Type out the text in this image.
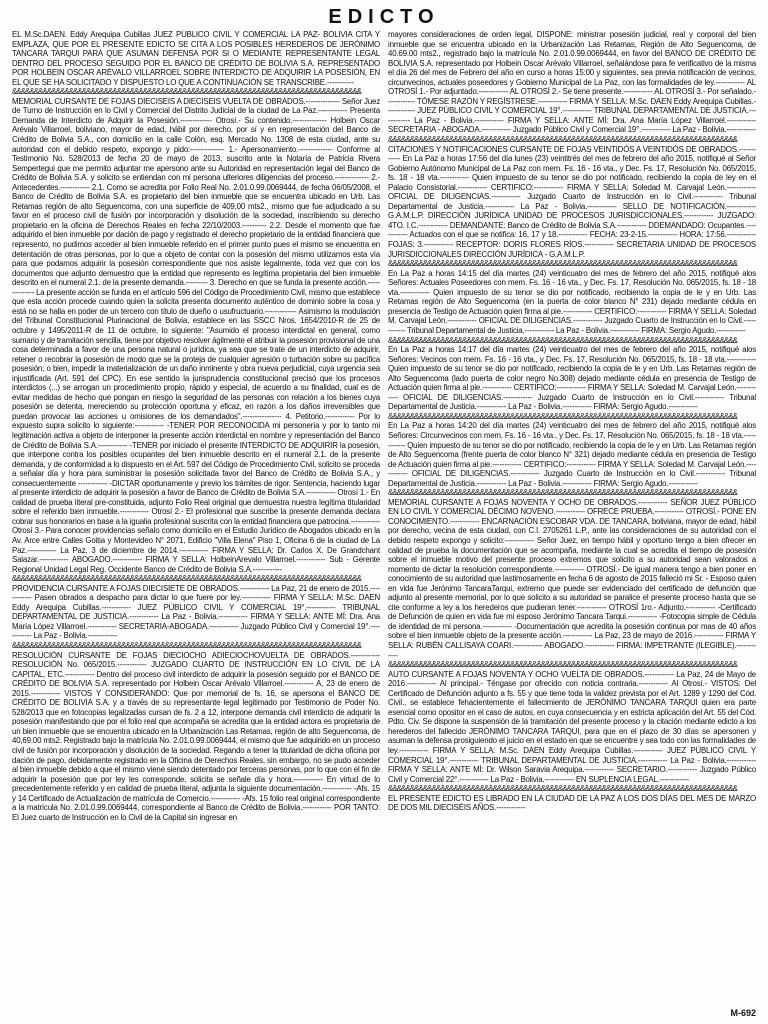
EDICTO

EL M.Sc.DAEN. Eddy Arequipa Cubillas JUEZ PÚBLICO CIVIL Y COMERCIAL LA PAZ- BOLIVIA CITA Y EMPLAZA, QUE POR EL PRESENTE EDICTO SE CITA A LOS POSIBLES HEREDEROS DE JERÓNIMO TANCARA TARQUI PARA QUE ASUMAN DEFENSA POR SI O MEDIANTE REPRESENTANTE LEGAL DENTRO DEL PROCESO SEGUIDO POR EL BANCO DE CRÉDITO DE BOLIVIA S.A. REPRESENTADO POR HOLBEIN OSCAR ARÉVALO VILLARROEL SOBRE INTERDICTO DE ADQUIRIR LA POSESIÓN, EN EL QUE SE HA SOLICITADO Y DISPUESTO LO QUE A CONTINUACIÓN SE TRANSCRIBE.-----------

&&&&&&&&&&&&&&&&&&&&&&&&&&&&&&&&&&&&&&&&&&&&&&&&&&&&&&&&&&&&&&&&&&&&&&&&&&&&&&&&

MEMORIAL CURSANTE DE FOJAS DIECISEIS A DIECISEIS VUELTA DE OBRADOS.-------------- Señor Juez de Turno de Instrucción en lo Civil y Comercial del Distrito Judicial de la ciudad de La Paz.------------ Presenta Demanda de Interdicto de Adquirir la Posesión.------------- Otrosí.- Su contenido.-------------- Holbein Oscar Arévalo Villarroel, boliviano, mayor de edad, hábil por derecho, por sí y en representación del Banco de Crédito de Bolivia S.A., con domicilio en la calle Colón, esq. Mercado No. 1308 de esta ciudad, ante su autoridad con el debido respeto, expongo y pido:-------------- 1.- Apersonamiento.-------------- Conforme al Testimonio No. 528/2013 de fecha 20 de mayo de 2013, suscrito ante la Notaría de Patricia Rivera Sempertegui que me permito adjuntar me apersono ante su Autoridad en representación legal del Banco de Crédito de Bolivia S.A. y solicito se entiendan con mi persona ulteriores diligencias del proceso.-------------- 2.- Antecedentes.------------ 2.1. Como se acredita por Folio Real No. 2.01.0.99.0069444, de fecha 06/05/2008, el Banco de Crédito de Bolivia S.A. es propietario del bien inmueble que se encuentra ubicado en Urb. Las Retamas región de alto Seguencoma, con una superficie de 409,00 mts2., mismo que fue adjudicado a su favor en el proceso civil de fusión por incorporación y disolución de la sociedad, inscribiendo su derecho propietario en la oficina de Derechos Reales en fecha 22/10/2003.---------- 2.2. Desde el momento que fue adquirido el bien inmueble por dación de pago y registrado el derecho propietario de la entidad financiera que represento, no pudimos acceder al bien inmueble referido en el primer punto pues el mismo se encuentra en detentación de otras personas, por lo que a objeto de contar con la posesión del mismo utilizamos esta vía para que podamos adquirir la posesión correspondiente que nos asiste legalmente, toda vez que con los documentos que adjunto demuestro que la entidad que represento es legítima propietaria del bien inmueble descrito en el numeral 2.1. de la presente demanda.--------- 3. Derecho en que se funda la presente acción.-------------- La presente acción se funda en el artículo 596 del Código de Procedimiento Civil, mismo que establece que esta acción procede cuando quien la solicita presenta documento auténtico de dominio sobre la cosa y está no se halla en poder de un tercero con título de dueño o usufructuario.------------- Asimismo la modulación del Tribunal Constitucional Plurinacional de Bolivia, establece en las SSCC Nros. 1654/2010-R de 25 de octubre y 1495/2011-R de 11 de octubre, lo siguiente: "Asumido el proceso interdictal en general, como sumario y de tramitación sencilla, tiene por objetivo resolver ágilmente el atribuir la posesión provisional de una cosa determinada a favor de una persona natural o jurídica, ya sea que se trate de un interdicto de adquirir, retener o recobrar la posesión de modo que se la proteja de cualquier agresión o turbación sobre su pacífica posesión; o bien, impedir la materialización de un daño inminente y obra nueva perjudicial, cuya urgencia sea injustificada (Art. 591 del CPC). En ese sentido la jurisprudencia constitucional precisó que los procesos interdictos (...) se arrogan un procedimiento propio, rápido y especial, de acuerdo a su finalidad, cual es de evitar medidas de hecho que pongan en riesgo la seguridad de las personas con relación a los bienes cuya posesión se detenta, mereciendo su protección oportuna y eficaz, en razón a los daños irreversibles que puedan provocar las acciones u omisiones de los demandados".---------------- 4. Petitorio.------------ Por lo expuesto supra solicito lo siguiente:------------ -TENER POR RECONOCIDA mi personería y por lo tanto mi legitimación activa a objeto de interponer la presente acción interdictal en nombre y representación del Banco de Crédito de Bolivia S.A.------------ -TENER por iniciado el presente INTERDICTO DE ADQUIRIR la posesión, que interpone contra los posibles ocupantes del bien inmueble descrito en el numeral 2.1. de la presente demanda, y de conformidad a lo dispuesto en el Art. 597 del Código de Procedimiento Civil, solicito se proceda a señalar día y hora para suministrar la posesión solicitada favor del Banco de Crédito de Bolivia S.A., y consecuentemente ------------ -DICTAR oportunamente y previo los trámites de rigor. Sentencia, haciendo lugar al presente interdicto de adquirir la posesión a favor de Banco de Crédito de Bolivia S.A.------------ Otrosí 1.- En calidad de prueba literal pre-constituida, adjunto Folio Real original que demuestra nuestra legítima titularidad sobre el referido bien inmueble.------------ Otrosí 2.- El profesional que suscribe la presente demanda declara cobrar sus honorarios en base a la igualia profesional suscrita con la entidad financiera que patrocina.------------ Otrosí 3.- Para conocer providencias señalo como domicilio en el Estudio Jurídico de Abogados ubicado en la Av. Arce entre Calles Goitia y Montevideo N° 2071, Edificio "Villa Elena" Piso 1, Oficina 6 de la ciudad de La Paz.------------ La Paz, 3 de diciembre de 2014.------------ FIRMA Y SELLA: Dr. Carlos X. De Grandchant Salazar.------------ ABOGADO.------------ FIRMA Y SELLA: HolbeinArevalo Villarroel.------------ Sub - Gerente Regional Unidad Legal Reg. Occidente Banco de Crédito de Bolivia S.A.------------

&&&&&&&&&&&&&&&&&&&&&&&&&&&&&&&&&&&&&&&&&&&&&&&&&&&&&&&&&&&&&&&&&&&&&&&&&&&&&&&&

PROVIDENCIA CURSANTE A FOJAS DIECISIETE DE OBRADOS.------------ La Paz, 21 de enero de 2015.------------ Pasen obrados a despacho para dictar lo que fuere por ley.------------ FIRMA Y SELLA: M.Sc. DAEN Eddy Arequipa Cubillas.------------ JUEZ PÚBLICO CIVIL Y COMERCIAL 19°.------------ TRIBUNAL DEPARTAMENTAL DE JUSTICIA.------------ La Paz - Bolivia.------------ FIRMA Y SELLA: ANTE MÍ: Dra. Ana María López Villarroel.------------ SECRETARIA-ABOGADA.------------ Juzgado Público Civil y Comercial 19°.------------ La Paz - Bolivia.------------

&&&&&&&&&&&&&&&&&&&&&&&&&&&&&&&&&&&&&&&&&&&&&&&&&&&&&&&&&&&&&&&&&&&&&&&&&&&&&&&&

RESOLUCIÓN CURSANTE DE FOJAS DIECIOCHO ADIECIOCHOVUELTA DE OBRADOS.------------ RESOLUCIÓN No. 065/2015.------------ JUZGADO CUARTO DE INSTRUCCIÓN EN LO CIVIL DE LA CAPITAL, ETC.------------ Dentro del proceso civil interdicto de adquirir la posesión seguido por el BANCO DE CRÉDITO DE BOLIVIA S.A. representado por Holbein Oscar Arévalo Villarroel.------------ A, 23 de enero de 2015.------------ VISTOS Y CONSIDERANDO: Que por memorial de fs. 16, se apersona el BANCO DE CRÉDITO DE BOLIVIA S.A. y a través de su representante legal legitimado por Testimonio de Poder No. 528/2013 que en fotocopias legalizadas cursan de fs. 2 a 12, interpone demanda civil interdicto de adquirir la posesión manifestando que por el folio real que acompaña se acredita que la entidad actora es propietaria de un bien inmueble que se encuentra ubicado en la Urbanización Las Retamas, región de alto Seguencoma, de 40,69.00 mts2. Registrado bajo la matrícula No. 2.01.0.99.0069444, el mismo que fue adquirido en un proceso civil de fusión por incorporación y disolución de la sociedad. Regando a tener la titularidad de dicha oficina por dación de pago, debidamente registrado en la Oficina de Derechos Reales, sin embargo, no se pudo acceder al bien inmueble debido a que el mismo viene siendo detentado por terceras personas, por lo que con el fin de adquirir la posesión que por ley les corresponde, solicita se señale día y hora.------------ En virtud de lo precedentemente referido y en calidad de prueba literal, adjunta la siguiente documentación.------------ -Afs. 15 y 14 Certificado de Actualización de matrícula de Comercio.------------ -Afs. 15 folio real original correspondiente a la matrícula No. 2.01.0.99.0069444, correspondiente al Banco de Crédito de Bolivia.------------ POR TANTO: El Juez cuarto de Instrucción en lo Civil de la Capital sin ingresar en

mayores consideraciones de orden legal, DISPONE: ministrar posesión judicial, real y corporal del bien inmueble que se encuentra ubicado en la Urbanización Las Retamas, Región de Alto Seguencoma, de 40.69.00 mts2., registrado bajo la matrícula No. 2.01.0.99.0069444, en favor del BANCO DE CRÉDITO DE BOLIVIA S.A. representado por Holbein Oscar Arévalo Villarroel, señalándose para fe verificativo de la misma el día 26 del mes de Febrero del año en curso a horas 15:00 y siguientes, sea previa notificación de vecinos, circunvecinos, actuales poseedores y Gobierno Municipal de La Paz, con las formalidades de ley.------------ AL OTROSÍ 1.- Por adjuntado.------------ AL OTROSÍ 2.- Se tiene presente.------------ AL OTROSÍ 3.- Por señalado.------------ TÓMESE RAZÓN Y REGÍSTRESE.------------ FIRMA Y SELLA: M.Sc. DAEN Eddy Arequipa Cubillas.------------ JUEZ PÚBLICO CIVIL Y COMERCIAL 19°.------------ TRIBUNAL DEPARTAMENTAL DE JUSTICIA.------------ La Paz - Bolivia.------------ FIRMA Y SELLA: ANTE MÍ: Dra. Ana María López Villarroel.------------ SECRETARIA - ABOGADA.------------ Juzgado Público Civil y Comercial 19°.------------ La Paz - Bolivia.------------

&&&&&&&&&&&&&&&&&&&&&&&&&&&&&&&&&&&&&&&&&&&&&&&&&&&&&&&&&&&&&&&&&&&&&&&&&&&&&&&&

CITACIONES Y NOTIFICACIONES CURSANTE DE FOJAS VEINTIDÓS A VEINTIDÓS DE OBRADOS.------------ En La Paz a horas 17:56 del día lunes (23) veintitrés del mes de febrero del año 2015, notifiqué al Señor Gobierno Autónomo Municipal de La Paz con mem. Fs. 16 - 16 vta., y Dec. Fs. 17, Resolución No. 065/2015, fs. 18 - 18 vta.------------ Quien impuesto de su tenor se dio por notificado, recibiendo la copia de ley en el Palacio Consistorial.------------ CERTIFICO:------------ FIRMA Y SELLA: Soledad M. Carvajal León.------------ OFICIAL DE DILIGENCIAS.------------ Juzgado Cuarto de Instrucción en lo Civil.------------ Tribunal Departamental de Justicia.------------ La Paz - Bolivia.------------ SELLO DE NOTIFICACIÓN.------------ G.A.M.L.P. DIRECCIÓN JURÍDICA UNIDAD DE PROCESOS JURISDICCIONALES.------------ JUZGADO: 4TO. I.C.------------ DEMANDANTE: Banco de Crédito de Bolivia S.A.------------ DDEMANDADO: Ocupantes.------------ Actuados con el que se notifica: 16, 17 y 18.------------ FECHA: 23-2-15.------------ HORA: 17:56.------------ FOJAS: 3.------------ RECEPTOR: DORIS FLORES RÍOS.------------ SECRETARIA UNIDAD DE PROCESOS JURISDICCIONALES DIRECCIÓN JURÍDICA - G.A.M.L.P.

&&&&&&&&&&&&&&&&&&&&&&&&&&&&&&&&&&&&&&&&&&&&&&&&&&&&&&&&&&&&&&&&&&&&&&&&&&&&&&&&

En La Paz a horas 14:15 del día martes (24) veinticuatro del mes de febrero del año 2015, notifiqué alos Señores: Actuales Poseedores con mem. Fs. 16 - 16 vta., y Dec. Fs. 17, Resolución No. 065/2015, fs. 18 - 18 vta.------------ Quien impuesto de su tenor se dio por notificado, recibiendo la copia de le y en Urb. Las Retamas región de Alto Seguencoma (en la puerta de color blanco N° 231) dejado mediante cédula en presencia de Testigo de Actuación quien firma al pie.------------ CERTIFICO:------------ FIRMA Y SELLA: Soledad M. Carvajal León.------------ OFICIAL DE DILIGENCIAS.------------ Juzgado Cuarto de Instrucción en lo Civil.------------ Tribunal Departamental de Justicia.------------ La Paz - Bolivia.------------ FIRMA: Sergio Agudo.------------

&&&&&&&&&&&&&&&&&&&&&&&&&&&&&&&&&&&&&&&&&&&&&&&&&&&&&&&&&&&&&&&&&&&&&&&&&&&&&&&&

En La Paz a horas 14:17 del día martes (24) veinticuatro del mes de febrero del año 2015, notifiqué alos Señores: Vecinos con mem. Fs. 16 - 16 vta., y Dec. Fs. 17, Resolución No. 065/2015, fs. 18 - 18 vta.------------ Quien impuesto de su tenor se dio por notificado, recibiendo la copia de le y en Urb. Las Retamas región de Alto Seguencoma (lado puerta de color negro No.308) dejado mediante cédula en presencia de Testigo de Actuación quien firma al pie.------------ CERTIFICO:------------ FIRMA Y SELLA: Soledad M. Carvajal León.------------ OFICIAL DE DILIGENCIAS.------------ Juzgado Cuarto de Instrucción en lo Civil.------------ Tribunal Departamental de Justicia.------------ La Paz - Bolivia.------------ FIRMA: Sergio Agudo.------------

&&&&&&&&&&&&&&&&&&&&&&&&&&&&&&&&&&&&&&&&&&&&&&&&&&&&&&&&&&&&&&&&&&&&&&&&&&&&&&&&

En La Paz a horas 14:20 del día martes (24) veinticuatro del mes de febrero del año 2015, notifiqué alos Señores: Circunvecinos con mem. Fs. 16 - 16 vta., y Dec. Fs. 17, Resolución No. 065/2015, fs. 18 - 18 vta.------------ Quien impuesto de su tenor se dio por notificado, recibiendo la copia de le y en Urb. Las Retamas región de Alto Seguencoma (frente puerta de color blanco N° 321) dejado mediante cédula en presencia de Testigo de Actuación quien firma al pie.------------ CERTIFICO:------------ FIRMA Y SELLA: Soledad M. Carvajal León.------------ OFICIAL DE DILIGENCIAS.------------ Juzgado Cuarto de Instrucción en lo Civil.------------ Tribunal Departamental de Justicia.------------ La Paz - Bolivia.------------ FIRMA: Sergio Agudo.------------

&&&&&&&&&&&&&&&&&&&&&&&&&&&&&&&&&&&&&&&&&&&&&&&&&&&&&&&&&&&&&&&&&&&&&&&&&&&&&&&&

MEMORIAL CURSANTE A FOJAS NOVENTA Y OCHO DE OBRADOS.------------ SEÑOR JUEZ PÚBLICO EN LO CIVIL Y COMERCIAL DÉCIMO NOVENO.------------ OFRECE PRUEBA.------------ OTROSÍ.- PONE EN CONOCIMIENTO.------------ ENCARNACIÓN ESCOBAR VDA. DE TANCARA, boliviana, mayor de edad, hábil por derecho, vecina de esta ciudad, con C.I. 2705261 L.P., ante las consideraciones de su autoridad con el debido respeto expongo y solicito:------------ Señor Juez, en tiempo hábil y oportuno tengo a bien ofrecer en calidad de prueba la documentación que se acompaña, mediante la cual se acredita el tiempo de posesión sobre el inmueble motivo del presente proceso extremos que solicito a su autoridad sean valorados a momento de dictar la resolución correspondiente.------------ OTROSÍ.- De igual manera tengo a bien poner en conocimiento de su autoridad que lastimosamente en fecha 6 de agosto de 2015 falleció mi Sr. - Esposo quien en vida fue Jerónimo TancaraTarqui, extremo que puede ser evidenciado del certificado de defunción que adjunto al presente memorial, por lo que solicito a su autoridad se paralice el presente proceso hasta que se cite conforme a ley a los herederos que pudieran tener.------------ OTROSÍ 1ro.- Adjunto.------------ -Certificado de Defunción de quien en vida fue mi esposo Jerónimo Tancara Tarqui.------------ -Fotocopia simple de Cédula de identidad de mi persona.------------ -Documentación que acredita la posesión continua por mas de 40 años sobre el bien inmueble objeto de la presente acción.------------ La Paz, 23 de mayo de 2016.------------ FIRMA Y SELLA: RUBÉN CALLISAYA COARI.------------ ABOGADO.------------ FIRMA: IMPETRANTE (ILEGIBLE).------------

&&&&&&&&&&&&&&&&&&&&&&&&&&&&&&&&&&&&&&&&&&&&&&&&&&&&&&&&&&&&&&&&&&&&&&&&&&&&&&&&

AUTO CURSANTE A FOJAS NOVENTA Y OCHO VUELTA DE OBRADOS.------------ La Paz, 24 de Mayo de 2016.------------ Al principal.- Téngase por ofrecido con noticia contraria.------------ Al Otrosí.- VISTOS: Del Certificado de Defunción adjunto a fs. 55 y que tiene toda la validez prevista por el Art. 1289 y 1290 del Cód. Civil., se establece fehacientemente el fallecimiento de JERÓNIMO TANCARA TARQUI quien era parte esencial como opositor en el caso de autos, en cuya consecuencia y en estricta aplicación del Art. 55 del Cód. Pdto. Civ. Se dispone la suspensión de la tramitación del presente proceso y la citación mediante edicto a los herederos del fallecido JERÓNIMO TANCARA TARQUI, para que en el plazo de 30 días se apersonen y asuman la defensa prosiguiendo el juicio en el estado en que se encuentre y sea todo con las formalidades de ley.------------ FIRMA Y SELLA: M.Sc. DAEN Eddy Arequipa Cubillas.------------ JUEZ PÚBLICO CIVIL Y COMERCIAL 19°.------------ TRIBUNAL DEPARTAMENTAL DE JUSTICIA.------------ La Paz - Bolivia.------------ FIRMA Y SELLA: ANTE MÍ: Dr. Wilson Saravia Arequipa.------------ SECRETARIO.------------ Juzgado Público Civil y Comercial 22°.------------ La Paz - Bolivia.------------ EN SUPLENCIA LEGAL.------------

&&&&&&&&&&&&&&&&&&&&&&&&&&&&&&&&&&&&&&&&&&&&&&&&&&&&&&&&&&&&&&&&&&&&&&&&&&&&&&&&

EL PRESENTE EDICTO ES LIBRADO EN LA CIUDAD DE LA PAZ A LOS DOS DÍAS DEL MES DE MARZO DE DOS MIL DIECISÉIS AÑOS.------------

M-692
